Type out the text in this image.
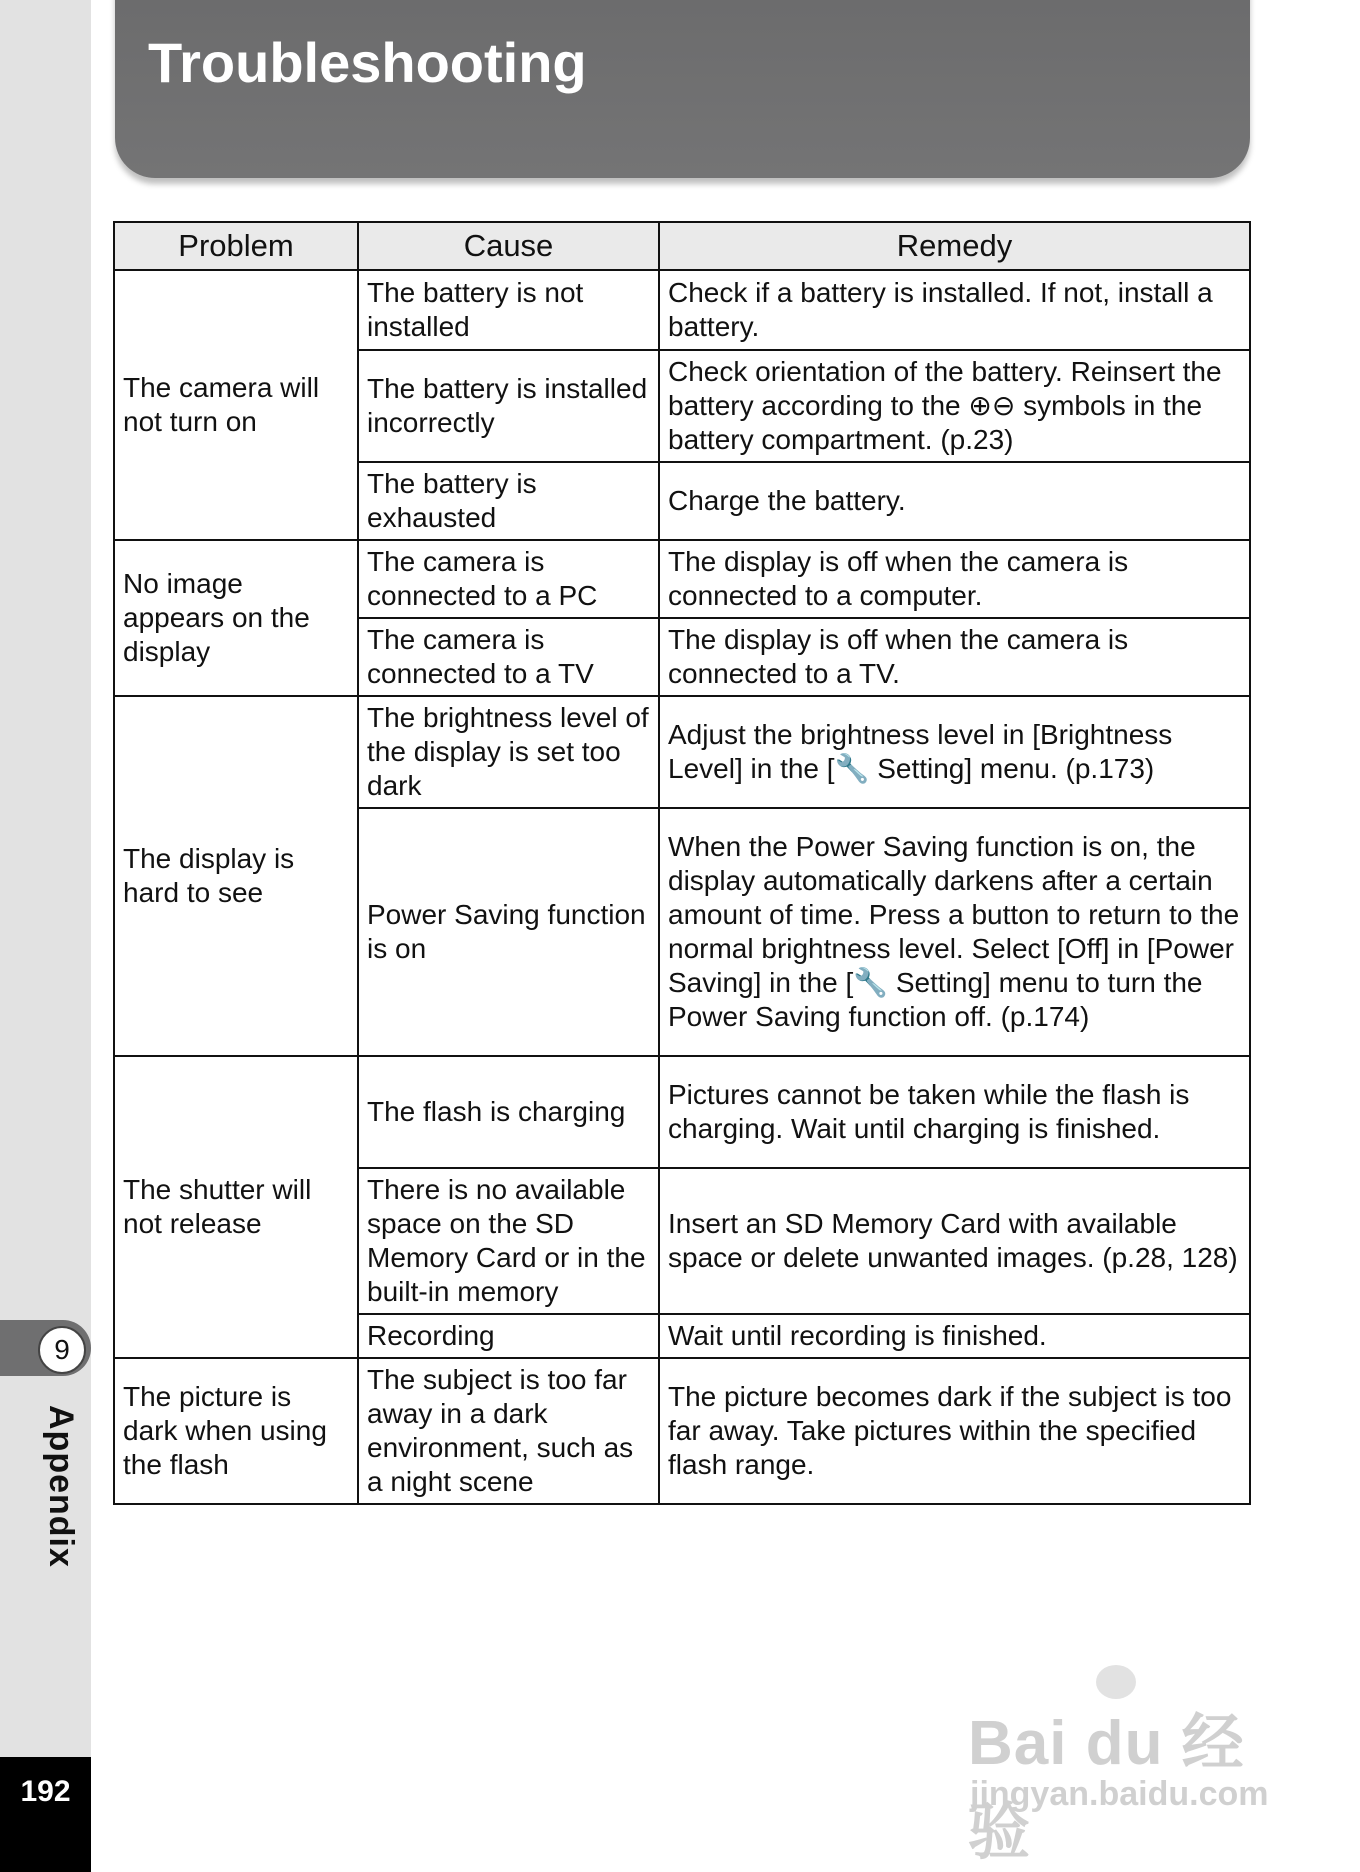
9
Appendix
192
Troubleshooting
Problem	Cause	Remedy
The camera will not turn on	The battery is not installed	Check if a battery is installed. If not, install a battery.
	The battery is installed incorrectly	Check orientation of the battery. Reinsert the battery according to the ⊕⊖ symbols in the battery compartment. (p.23)
	The battery is exhausted	Charge the battery.
No image appears on the display	The camera is connected to a PC	The display is off when the camera is connected to a computer.
	The camera is connected to a TV	The display is off when the camera is connected to a TV.
The display is hard to see	The brightness level of the display is set too dark	Adjust the brightness level in [Brightness Level] in the [🔧 Setting] menu. (p.173)
	Power Saving function is on	When the Power Saving function is on, the display automatically darkens after a certain amount of time. Press a button to return to the normal brightness level. Select [Off] in [Power Saving] in the [🔧 Setting] menu to turn the Power Saving function off. (p.174)
The shutter will not release	The flash is charging	Pictures cannot be taken while the flash is charging. Wait until charging is finished.
	There is no available space on the SD Memory Card or in the built-in memory	Insert an SD Memory Card with available space or delete unwanted images. (p.28, 128)
	Recording	Wait until recording is finished.
The picture is dark when using the flash	The subject is too far away in a dark environment, such as a night scene	The picture becomes dark if the subject is too far away. Take pictures within the specified flash range.
Bai du 经验
jingyan.baidu.com
